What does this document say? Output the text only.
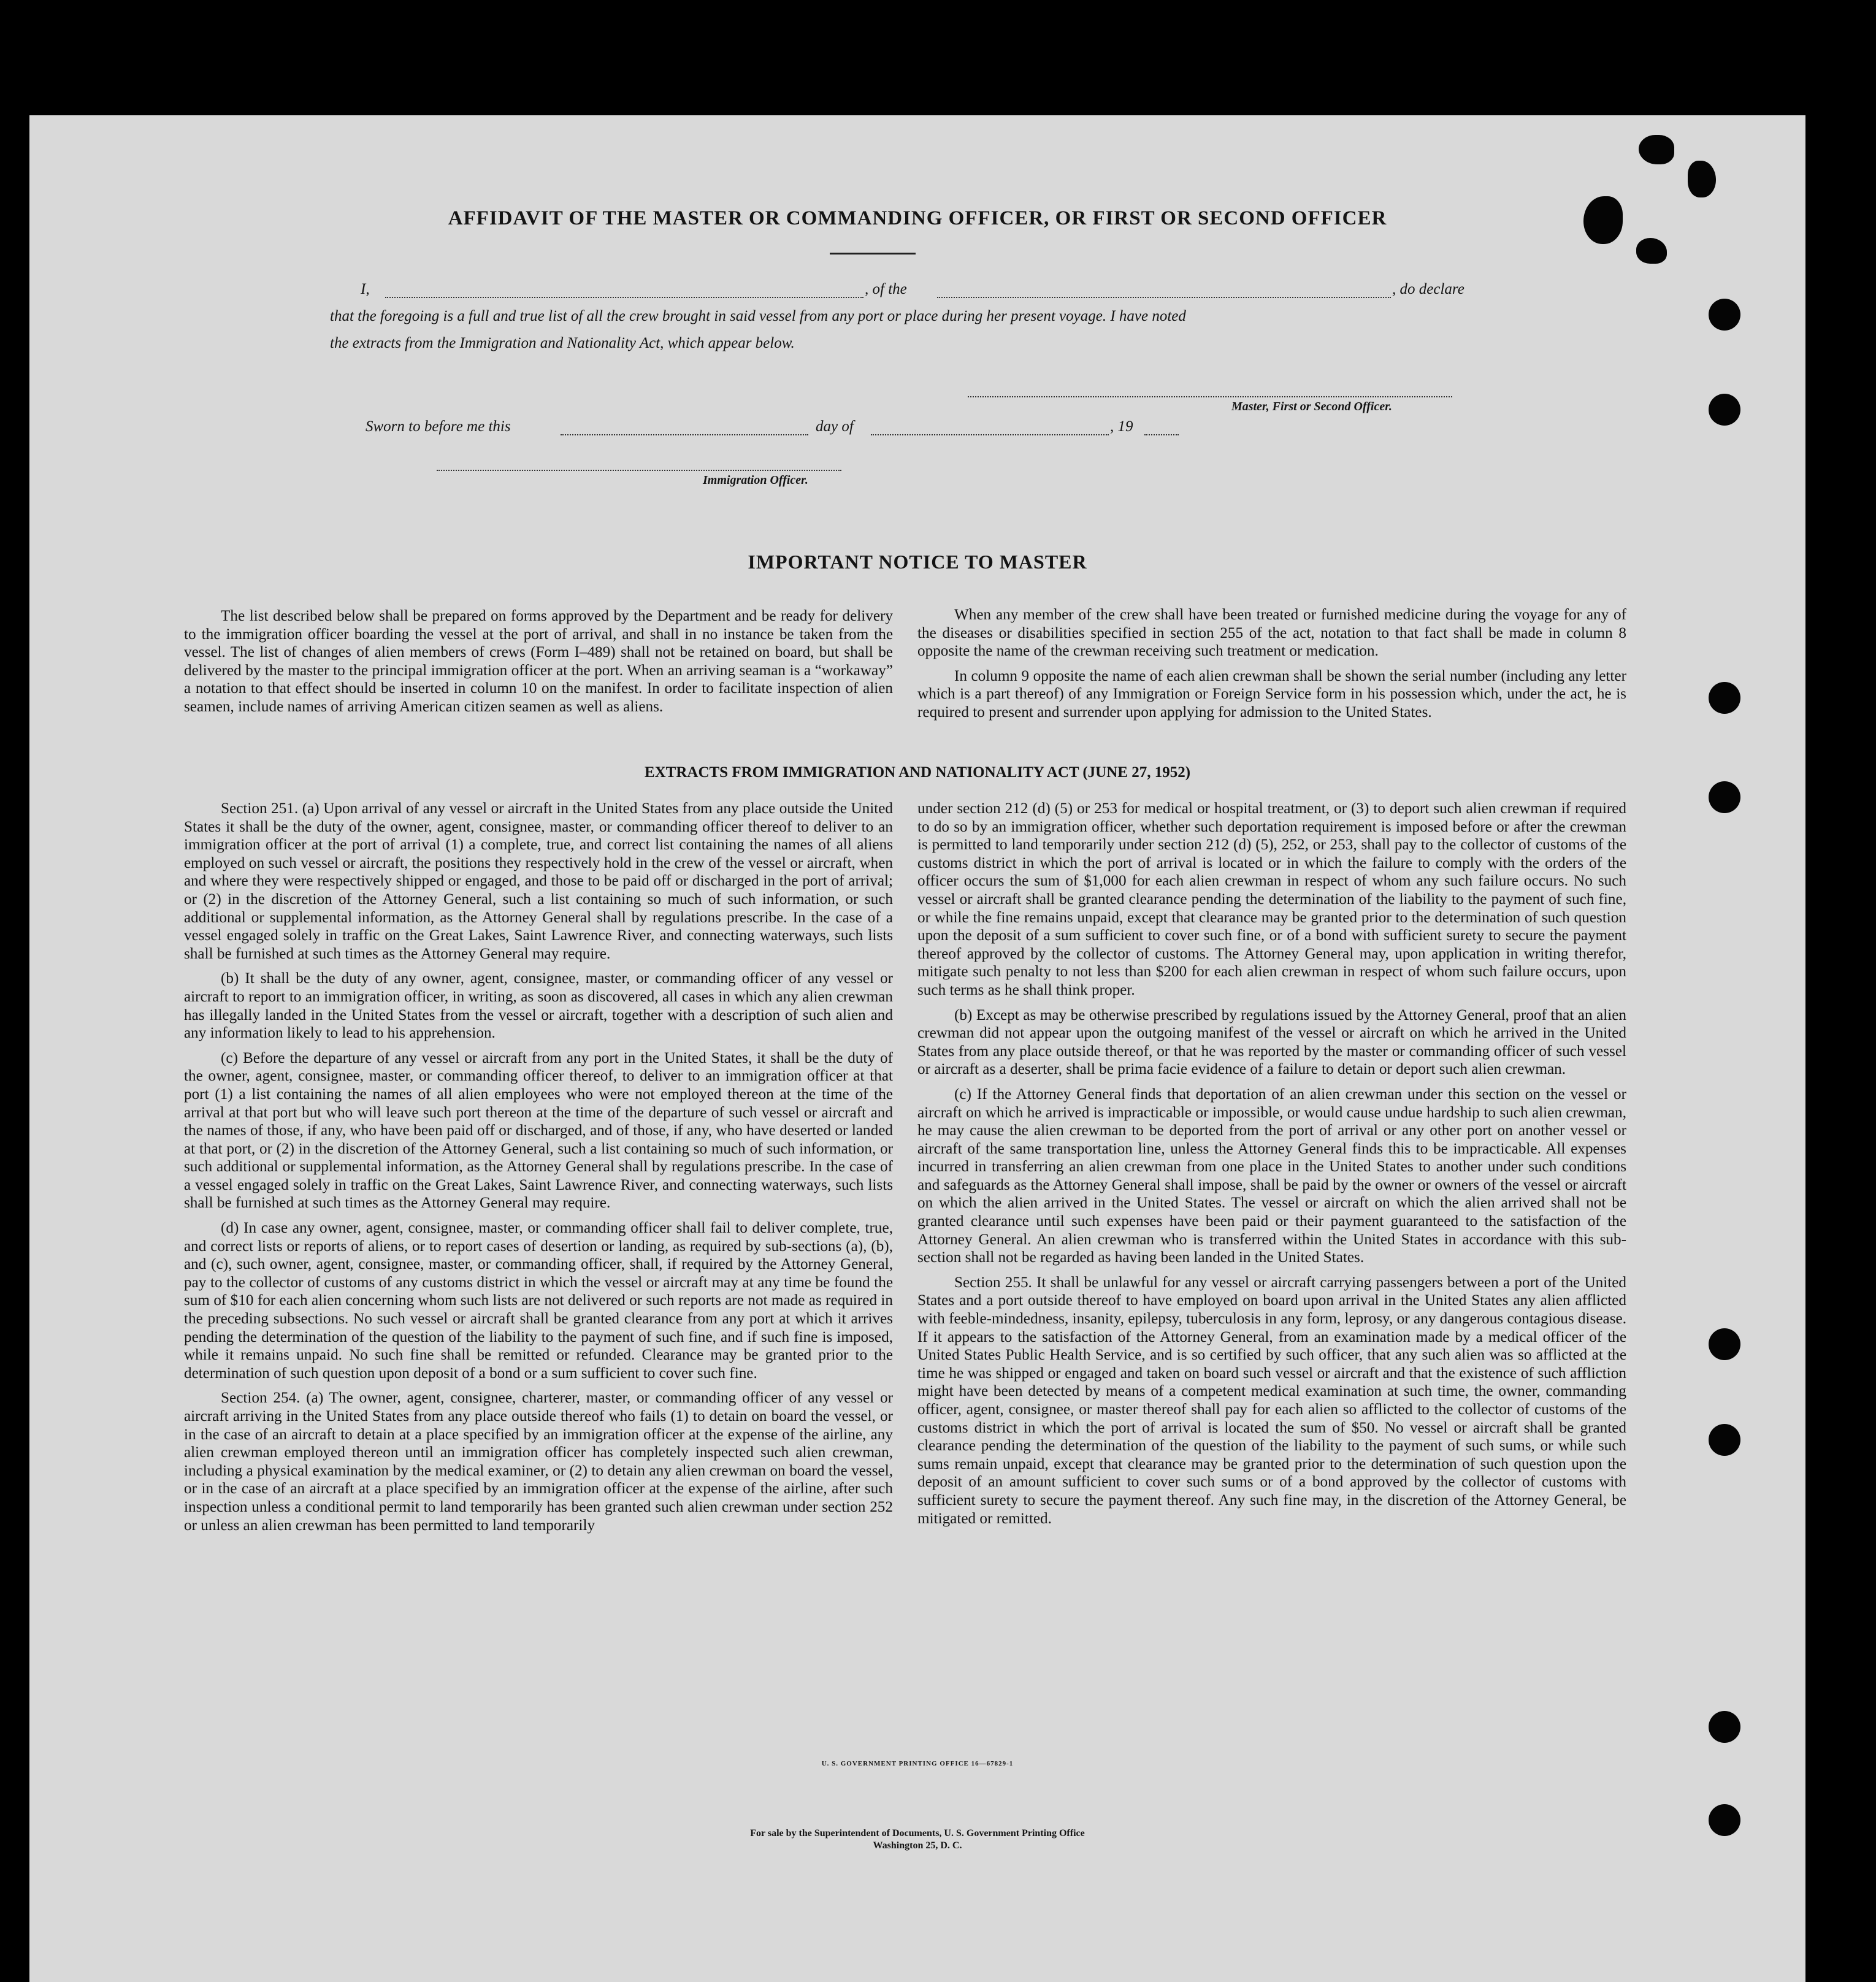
AFFIDAVIT OF THE MASTER OR COMMANDING OFFICER, OR FIRST OR SECOND OFFICER
I,	, of the	, do declare
that the foregoing is a full and true list of all the crew brought in said vessel from any port or place during her present voyage. I have noted
the extracts from the Immigration and Nationality Act, which appear below.
Master, First or Second Officer.
Sworn to before me this	day of	, 19
Immigration Officer.
IMPORTANT NOTICE TO MASTER

The list described below shall be prepared on forms approved by the Department and be ready for delivery to the immigration officer boarding the vessel at the port of arrival, and shall in no instance be taken from the vessel. The list of changes of alien members of crews (Form I–489) shall not be retained on board, but shall be delivered by the master to the principal immigration officer at the port. When an arriving seaman is a “workaway” a notation to that effect should be inserted in column 10 on the manifest. In order to facilitate inspection of alien seamen, include names of arriving American citizen seamen as well as aliens.

When any member of the crew shall have been treated or furnished medicine during the voyage for any of the diseases or disabilities specified in section 255 of the act, notation to that fact shall be made in column 8 opposite the name of the crewman receiving such treatment or medication.

In column 9 opposite the name of each alien crewman shall be shown the serial number (including any letter which is a part thereof) of any Immigration or Foreign Service form in his possession which, under the act, he is required to present and surrender upon applying for admission to the United States.

EXTRACTS FROM IMMIGRATION AND NATIONALITY ACT (JUNE 27, 1952)

Section 251. (a) Upon arrival of any vessel or aircraft in the United States from any place outside the United States it shall be the duty of the owner, agent, consignee, master, or commanding officer thereof to deliver to an immigration officer at the port of arrival (1) a complete, true, and correct list containing the names of all aliens employed on such vessel or aircraft, the positions they respectively hold in the crew of the vessel or aircraft, when and where they were respectively shipped or engaged, and those to be paid off or discharged in the port of arrival; or (2) in the discretion of the Attorney General, such a list containing so much of such information, or such additional or supplemental information, as the Attorney General shall by regulations prescribe. In the case of a vessel engaged solely in traffic on the Great Lakes, Saint Lawrence River, and connecting waterways, such lists shall be furnished at such times as the Attorney General may require.

(b) It shall be the duty of any owner, agent, consignee, master, or commanding officer of any vessel or aircraft to report to an immigration officer, in writing, as soon as discovered, all cases in which any alien crewman has illegally landed in the United States from the vessel or aircraft, together with a description of such alien and any information likely to lead to his apprehension.

(c) Before the departure of any vessel or aircraft from any port in the United States, it shall be the duty of the owner, agent, consignee, master, or commanding officer thereof, to deliver to an immigration officer at that port (1) a list containing the names of all alien employees who were not employed thereon at the time of the arrival at that port but who will leave such port thereon at the time of the departure of such vessel or aircraft and the names of those, if any, who have been paid off or discharged, and of those, if any, who have deserted or landed at that port, or (2) in the discretion of the Attorney General, such a list containing so much of such information, or such additional or supplemental information, as the Attorney General shall by regulations prescribe. In the case of a vessel engaged solely in traffic on the Great Lakes, Saint Lawrence River, and connecting waterways, such lists shall be furnished at such times as the Attorney General may require.

(d) In case any owner, agent, consignee, master, or commanding officer shall fail to deliver complete, true, and correct lists or reports of aliens, or to report cases of desertion or landing, as required by sub-sections (a), (b), and (c), such owner, agent, consignee, master, or commanding officer, shall, if required by the Attorney General, pay to the collector of customs of any customs district in which the vessel or aircraft may at any time be found the sum of $10 for each alien concerning whom such lists are not delivered or such reports are not made as required in the preceding subsections. No such vessel or aircraft shall be granted clearance from any port at which it arrives pending the determination of the question of the liability to the payment of such fine, and if such fine is imposed, while it remains unpaid. No such fine shall be remitted or refunded. Clearance may be granted prior to the determination of such question upon deposit of a bond or a sum sufficient to cover such fine.

Section 254. (a) The owner, agent, consignee, charterer, master, or commanding officer of any vessel or aircraft arriving in the United States from any place outside thereof who fails (1) to detain on board the vessel, or in the case of an aircraft to detain at a place specified by an immigration officer at the expense of the airline, any alien crewman employed thereon until an immigration officer has completely inspected such alien crewman, including a physical examination by the medical examiner, or (2) to detain any alien crewman on board the vessel, or in the case of an aircraft at a place specified by an immigration officer at the expense of the airline, after such inspection unless a conditional permit to land temporarily has been granted such alien crewman under section 252 or unless an alien crewman has been permitted to land temporarily

under section 212 (d) (5) or 253 for medical or hospital treatment, or (3) to deport such alien crewman if required to do so by an immigration officer, whether such deportation requirement is imposed before or after the crewman is permitted to land temporarily under section 212 (d) (5), 252, or 253, shall pay to the collector of customs of the customs district in which the port of arrival is located or in which the failure to comply with the orders of the officer occurs the sum of $1,000 for each alien crewman in respect of whom any such failure occurs. No such vessel or aircraft shall be granted clearance pending the determination of the liability to the payment of such fine, or while the fine remains unpaid, except that clearance may be granted prior to the determination of such question upon the deposit of a sum sufficient to cover such fine, or of a bond with sufficient surety to secure the payment thereof approved by the collector of customs. The Attorney General may, upon application in writing therefor, mitigate such penalty to not less than $200 for each alien crewman in respect of whom such failure occurs, upon such terms as he shall think proper.

(b) Except as may be otherwise prescribed by regulations issued by the Attorney General, proof that an alien crewman did not appear upon the outgoing manifest of the vessel or aircraft on which he arrived in the United States from any place outside thereof, or that he was reported by the master or commanding officer of such vessel or aircraft as a deserter, shall be prima facie evidence of a failure to detain or deport such alien crewman.

(c) If the Attorney General finds that deportation of an alien crewman under this section on the vessel or aircraft on which he arrived is impracticable or impossible, or would cause undue hardship to such alien crewman, he may cause the alien crewman to be deported from the port of arrival or any other port on another vessel or aircraft of the same transportation line, unless the Attorney General finds this to be impracticable. All expenses incurred in transferring an alien crewman from one place in the United States to another under such conditions and safeguards as the Attorney General shall impose, shall be paid by the owner or owners of the vessel or aircraft on which the alien arrived in the United States. The vessel or aircraft on which the alien arrived shall not be granted clearance until such expenses have been paid or their payment guaranteed to the satisfaction of the Attorney General. An alien crewman who is transferred within the United States in accordance with this sub-section shall not be regarded as having been landed in the United States.

Section 255. It shall be unlawful for any vessel or aircraft carrying passengers between a port of the United States and a port outside thereof to have employed on board upon arrival in the United States any alien afflicted with feeble-mindedness, insanity, epilepsy, tuberculosis in any form, leprosy, or any dangerous contagious disease. If it appears to the satisfaction of the Attorney General, from an examination made by a medical officer of the United States Public Health Service, and is so certified by such officer, that any such alien was so afflicted at the time he was shipped or engaged and taken on board such vessel or aircraft and that the existence of such affliction might have been detected by means of a competent medical examination at such time, the owner, commanding officer, agent, consignee, or master thereof shall pay for each alien so afflicted to the collector of customs of the customs district in which the port of arrival is located the sum of $50. No vessel or aircraft shall be granted clearance pending the determination of the question of the liability to the payment of such sums, or while such sums remain unpaid, except that clearance may be granted prior to the determination of such question upon the deposit of an amount sufficient to cover such sums or of a bond approved by the collector of customs with sufficient surety to secure the payment thereof. Any such fine may, in the discretion of the Attorney General, be mitigated or remitted.

U. S. GOVERNMENT PRINTING OFFICE 16—67829-1
For sale by the Superintendent of Documents, U. S. Government Printing Office
Washington 25, D. C.
